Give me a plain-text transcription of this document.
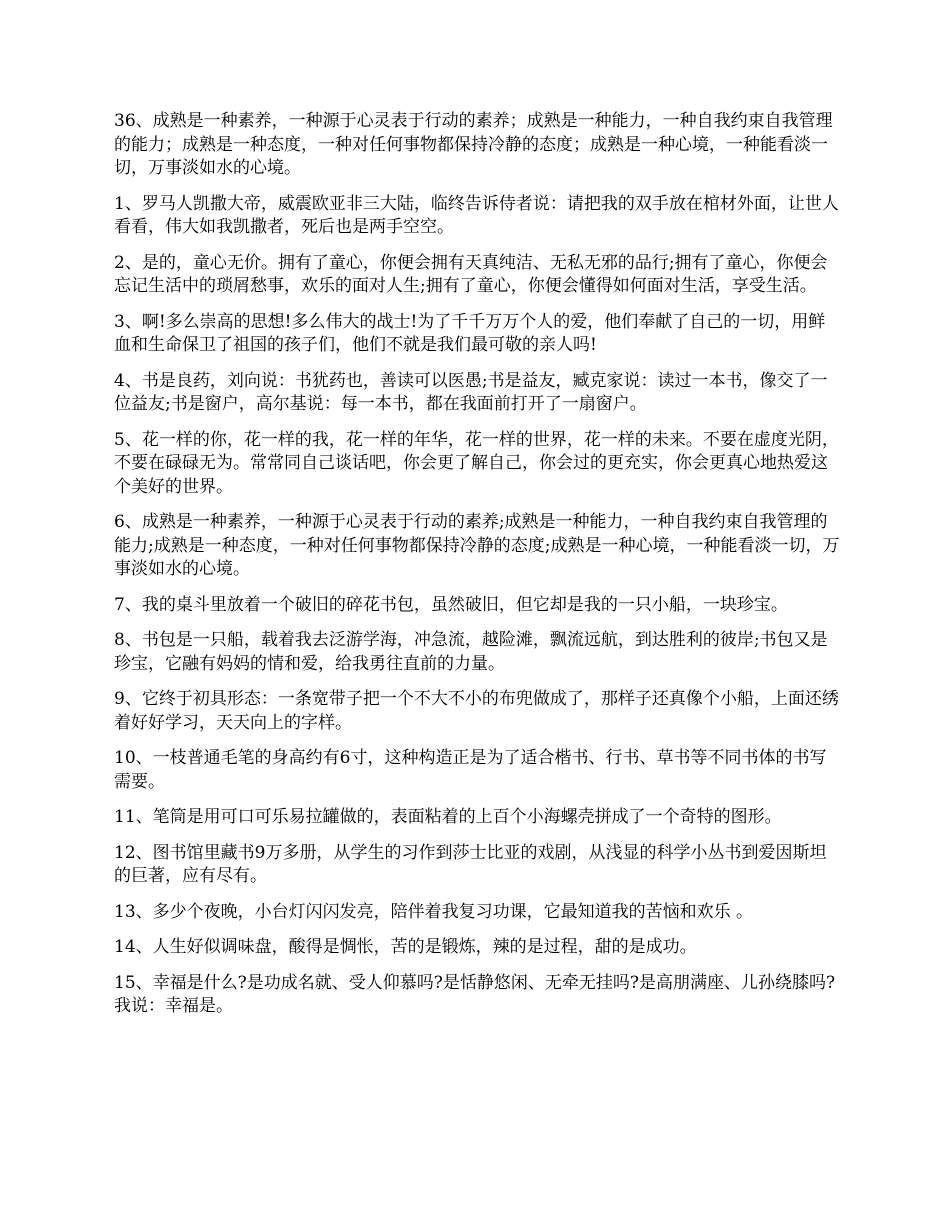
36、成熟是一种素养，一种源于心灵表于行动的素养；成熟是一种能力，一种自我约束自我管理的能力；成熟是一种态度，一种对任何事物都保持冷静的态度；成熟是一种心境，一种能看淡一切，万事淡如水的心境。

1、罗马人凯撒大帝，威震欧亚非三大陆，临终告诉侍者说：请把我的双手放在棺材外面，让世人看看，伟大如我凯撒者，死后也是两手空空。

2、是的，童心无价。拥有了童心，你便会拥有天真纯洁、无私无邪的品行;拥有了童心，你便会忘记生活中的琐屑愁事，欢乐的面对人生;拥有了童心，你便会懂得如何面对生活，享受生活。

3、啊!多么崇高的思想!多么伟大的战士!为了千千万万个人的爱，他们奉献了自己的一切，用鲜血和生命保卫了祖国的孩子们，他们不就是我们最可敬的亲人吗!

4、书是良药，刘向说：书犹药也，善读可以医愚;书是益友，臧克家说：读过一本书，像交了一位益友;书是窗户，高尔基说：每一本书，都在我面前打开了一扇窗户。

5、花一样的你，花一样的我，花一样的年华，花一样的世界，花一样的未来。不要在虚度光阴，不要在碌碌无为。常常同自己谈话吧，你会更了解自己，你会过的更充实，你会更真心地热爱这个美好的世界。

6、成熟是一种素养，一种源于心灵表于行动的素养;成熟是一种能力，一种自我约束自我管理的能力;成熟是一种态度，一种对任何事物都保持冷静的态度;成熟是一种心境，一种能看淡一切，万事淡如水的心境。

7、我的桌斗里放着一个破旧的碎花书包，虽然破旧，但它却是我的一只小船，一块珍宝。

8、书包是一只船，载着我去泛游学海，冲急流，越险滩，飘流远航，到达胜利的彼岸;书包又是珍宝，它融有妈妈的情和爱，给我勇往直前的力量。

9、它终于初具形态：一条宽带子把一个不大不小的布兜做成了，那样子还真像个小船，上面还绣着好好学习，天天向上的字样。

10、一枝普通毛笔的身高约有6寸，这种构造正是为了适合楷书、行书、草书等不同书体的书写需要。

11、笔筒是用可口可乐易拉罐做的，表面粘着的上百个小海螺壳拼成了一个奇特的图形。

12、图书馆里藏书9万多册，从学生的习作到莎士比亚的戏剧，从浅显的科学小丛书到爱因斯坦的巨著，应有尽有。

13、多少个夜晚，小台灯闪闪发亮，陪伴着我复习功课，它最知道我的苦恼和欢乐 。

14、人生好似调味盘，酸得是惆怅，苦的是锻炼，辣的是过程，甜的是成功。

15、幸福是什么?是功成名就、受人仰慕吗?是恬静悠闲、无牵无挂吗?是高朋满座、儿孙绕膝吗?我说：幸福是。
